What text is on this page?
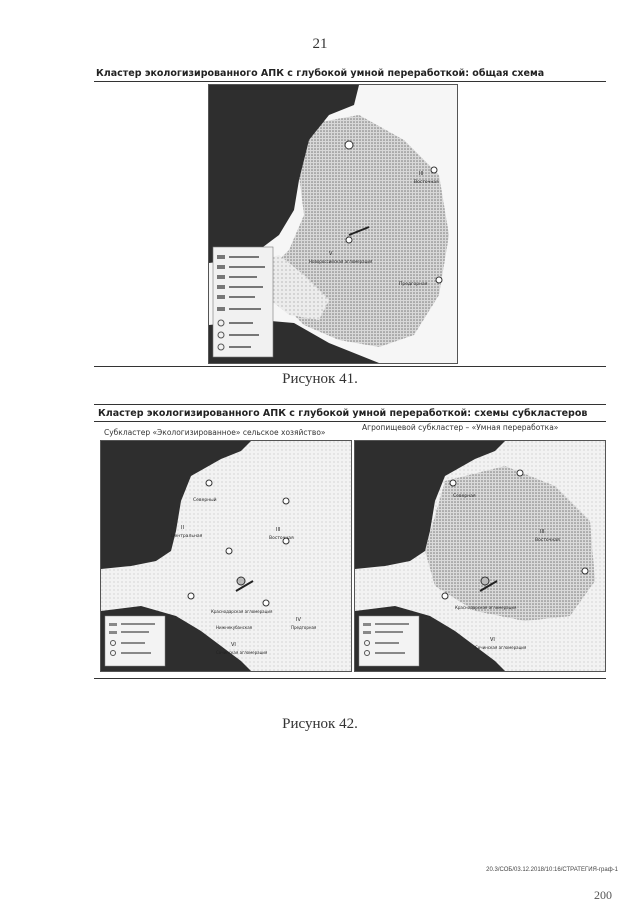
21
Кластер экологизированного АПК с глубокой умной переработкой: общая схема
III
Восточная
V
Новороссийская агломерация
Предгорная
Рисунок 41.
Кластер экологизированного АПК с глубокой умной переработкой: схемы субкластеров
Субкластер «Экологизированное» сельское хозяйство»
Агропищевой субкластер – «Умная переработка»
Северный
II
Центральная
III
Восточная
Краснодарская агломерация
Нижнекубанская
IV
Предгорная
VI
Сочинская агломерация
Северная
III
Восточная
Краснодарская агломерация
VI
Сочинская агломерация
Рисунок 42.
20.3/СОБ/03.12.2018/10:16/СТРАТЕГИЯ-граф-1
200
